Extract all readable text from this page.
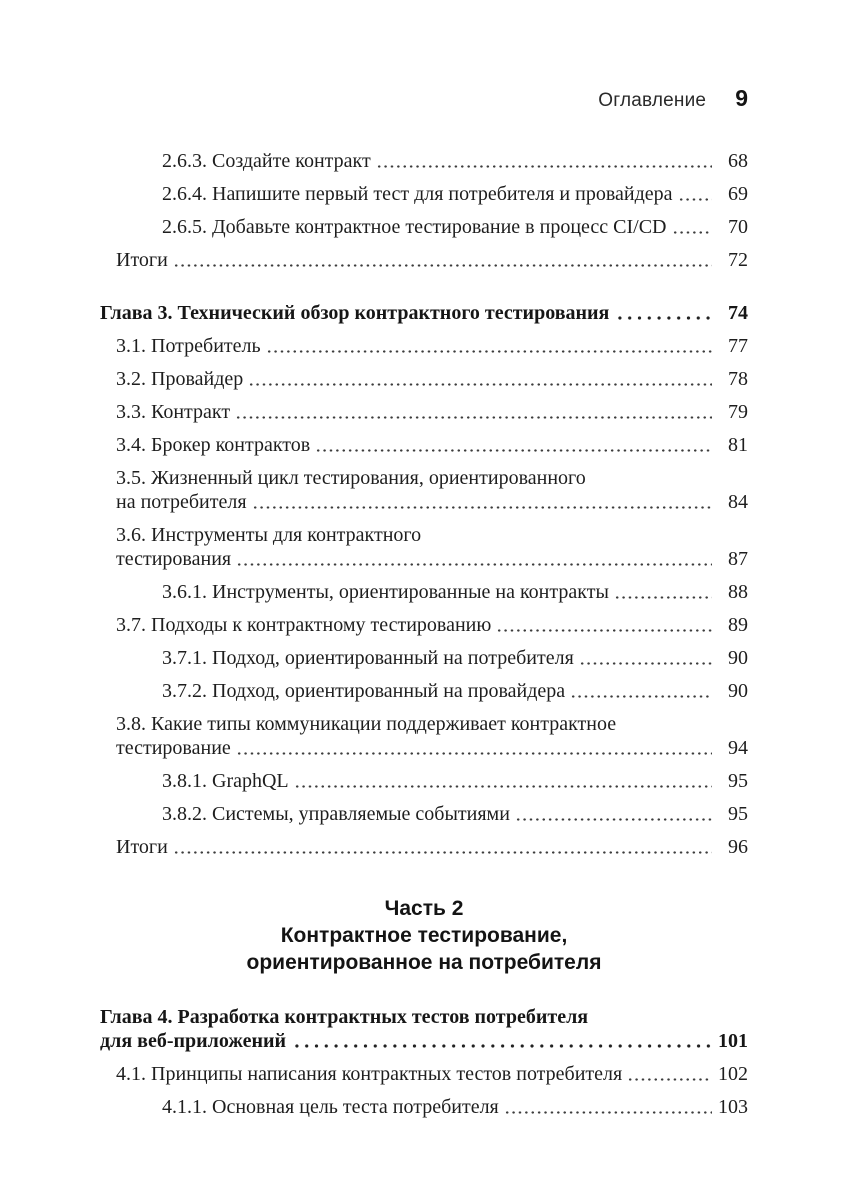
Оглавление 9
2.6.3. Создайте контракт	68
2.6.4. Напишите первый тест для потребителя и провайдера	69
2.6.5. Добавьте контрактное тестирование в процесс CI/CD	70
Итоги	72
Глава 3. Технический обзор контрактного тестирования	74
3.1. Потребитель	77
3.2. Провайдер	78
3.3. Контракт	79
3.4. Брокер контрактов	81
3.5. Жизненный цикл тестирования, ориентированного
на потребителя	84
3.6. Инструменты для контрактного
тестирования	87
3.6.1. Инструменты, ориентированные на контракты	88
3.7. Подходы к контрактному тестированию	89
3.7.1. Подход, ориентированный на потребителя	90
3.7.2. Подход, ориентированный на провайдера	90
3.8. Какие типы коммуникации поддерживает контрактное
тестирование	94
3.8.1. GraphQL	95
3.8.2. Системы, управляемые событиями	95
Итоги	96
Часть 2
Контрактное тестирование,
ориентированное на потребителя
Глава 4. Разработка контрактных тестов потребителя
для веб-приложений	101
4.1. Принципы написания контрактных тестов потребителя	102
4.1.1. Основная цель теста потребителя	103
